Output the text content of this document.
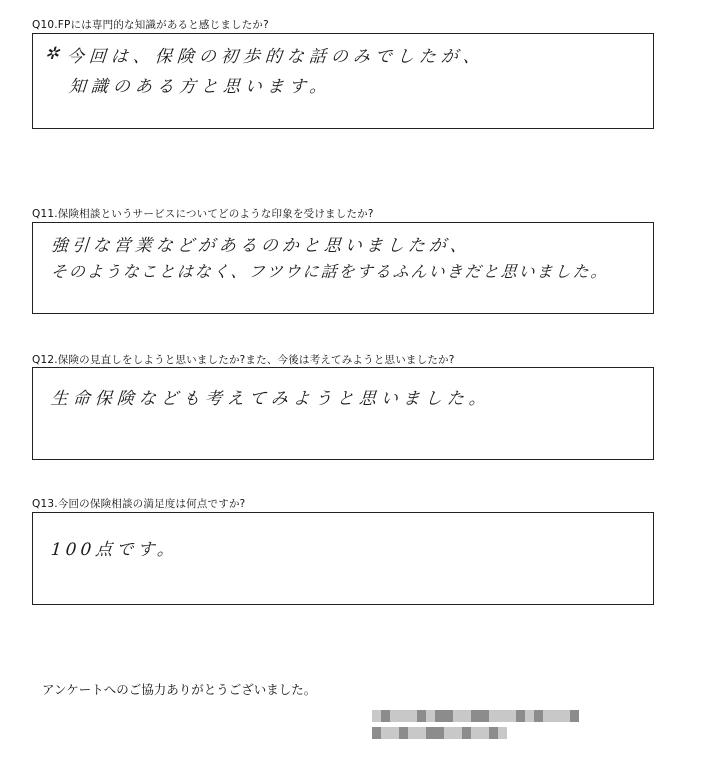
Q10.FPには専門的な知識があると感じましたか?
✲ 今回は、保険の初歩的な話のみでしたが、
知識のある方と思います。
Q11.保険相談というサービスについてどのような印象を受けましたか?
強引な営業などがあるのかと思いましたが、
そのようなことはなく、フツウに話をするふんいきだと思いました。
Q12.保険の見直しをしようと思いましたか?また、今後は考えてみようと思いましたか?
生命保険なども考えてみようと思いました。
Q13.今回の保険相談の満足度は何点ですか?
100点です。
アンケートへのご協力ありがとうございました。
